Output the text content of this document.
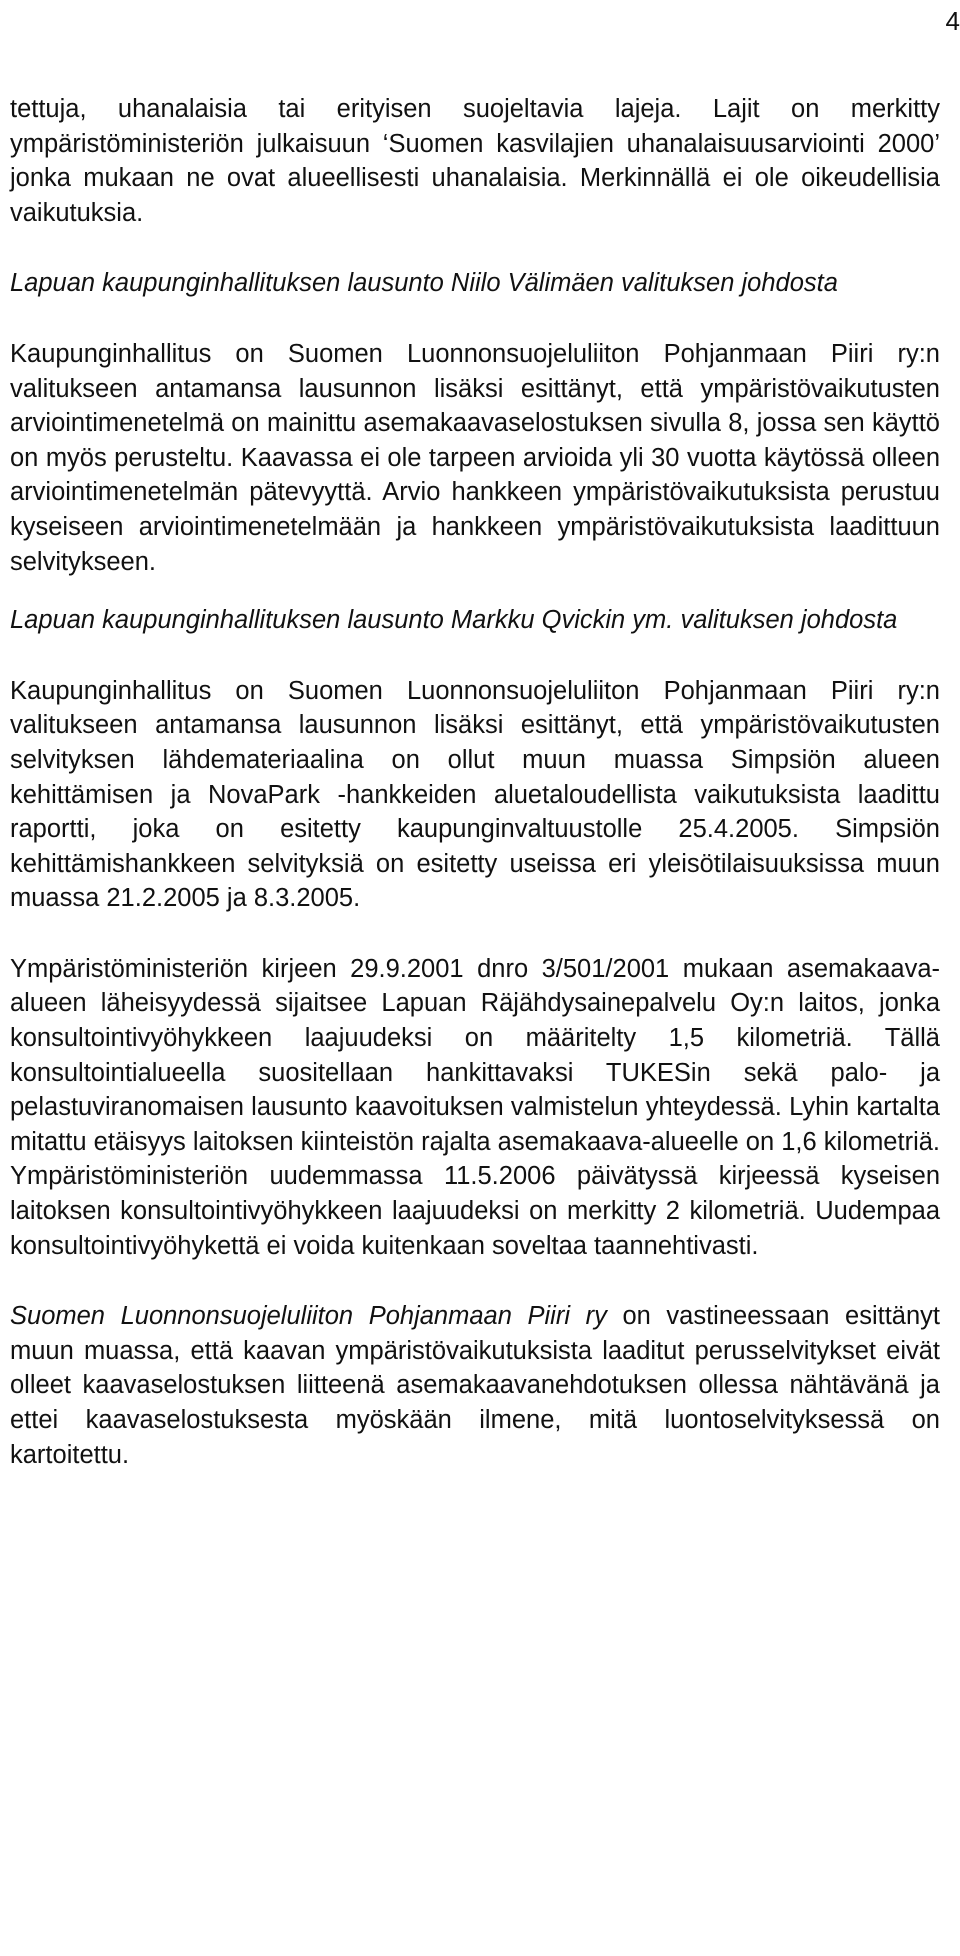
4

tettuja, uhanalaisia tai erityisen suojeltavia lajeja. Lajit on merkitty ympäristöministeriön julkaisuun ‘Suomen kasvilajien uhanalaisuusarviointi 2000’ jonka mukaan ne ovat alueellisesti uhanalaisia. Merkinnällä ei ole oikeudellisia vaikutuksia.

Lapuan kaupunginhallituksen lausunto Niilo Välimäen valituksen johdosta

Kaupunginhallitus on Suomen Luonnonsuojeluliiton Pohjanmaan Piiri ry:n valitukseen antamansa lausunnon lisäksi esittänyt, että ympäristövaikutusten arviointimenetelmä on mainittu asemakaavaselostuksen sivulla 8, jossa sen käyttö on myös perusteltu. Kaavassa ei ole tarpeen arvioida yli 30 vuotta käytössä olleen arviointimenetelmän pätevyyttä. Arvio hankkeen ympäristövaikutuksista perustuu kyseiseen arviointimenetelmään ja hankkeen ympäristövaikutuksista laadittuun selvitykseen.

Lapuan kaupunginhallituksen lausunto Markku Qvickin ym. valituksen johdosta

Kaupunginhallitus on Suomen Luonnonsuojeluliiton Pohjanmaan Piiri ry:n valitukseen antamansa lausunnon lisäksi esittänyt, että ympäristövaikutusten selvityksen lähdemateriaalina on ollut muun muassa Simpsiön alueen kehittämisen ja NovaPark -hankkeiden aluetaloudellista vaikutuksista laadittu raportti, joka on esitetty kaupunginvaltuustolle 25.4.2005. Simpsiön kehittämishankkeen selvityksiä on esitetty useissa eri yleisötilaisuuksissa muun muassa 21.2.2005 ja 8.3.2005.

Ympäristöministeriön kirjeen 29.9.2001 dnro 3/501/2001 mukaan asemakaava-alueen läheisyydessä sijaitsee Lapuan Räjähdysainepalvelu Oy:n laitos, jonka konsultointivyöhykkeen laajuudeksi on määritelty 1,5 kilometriä. Tällä konsultointialueella suositellaan hankittavaksi TUKESin sekä palo- ja pelastuviranomaisen lausunto kaavoituksen valmistelun yhteydessä. Lyhin kartalta mitattu etäisyys laitoksen kiinteistön rajalta asemakaava-alueelle on 1,6 kilometriä. Ympäristöministeriön uudemmassa 11.5.2006 päivätyssä kirjeessä kyseisen laitoksen konsultointivyöhykkeen laajuudeksi on merkitty 2 kilometriä. Uudempaa konsultointivyöhykettä ei voida kuitenkaan soveltaa taannehtivasti.

Suomen Luonnonsuojeluliiton Pohjanmaan Piiri ry on vastineessaan esittänyt muun muassa, että kaavan ympäristövaikutuksista laaditut perusselvitykset eivät olleet kaavaselostuksen liitteenä asemakaavanehdotuksen ollessa nähtävänä ja ettei kaavaselostuksesta myöskään ilmene, mitä luontoselvityksessä on kartoitettu.
